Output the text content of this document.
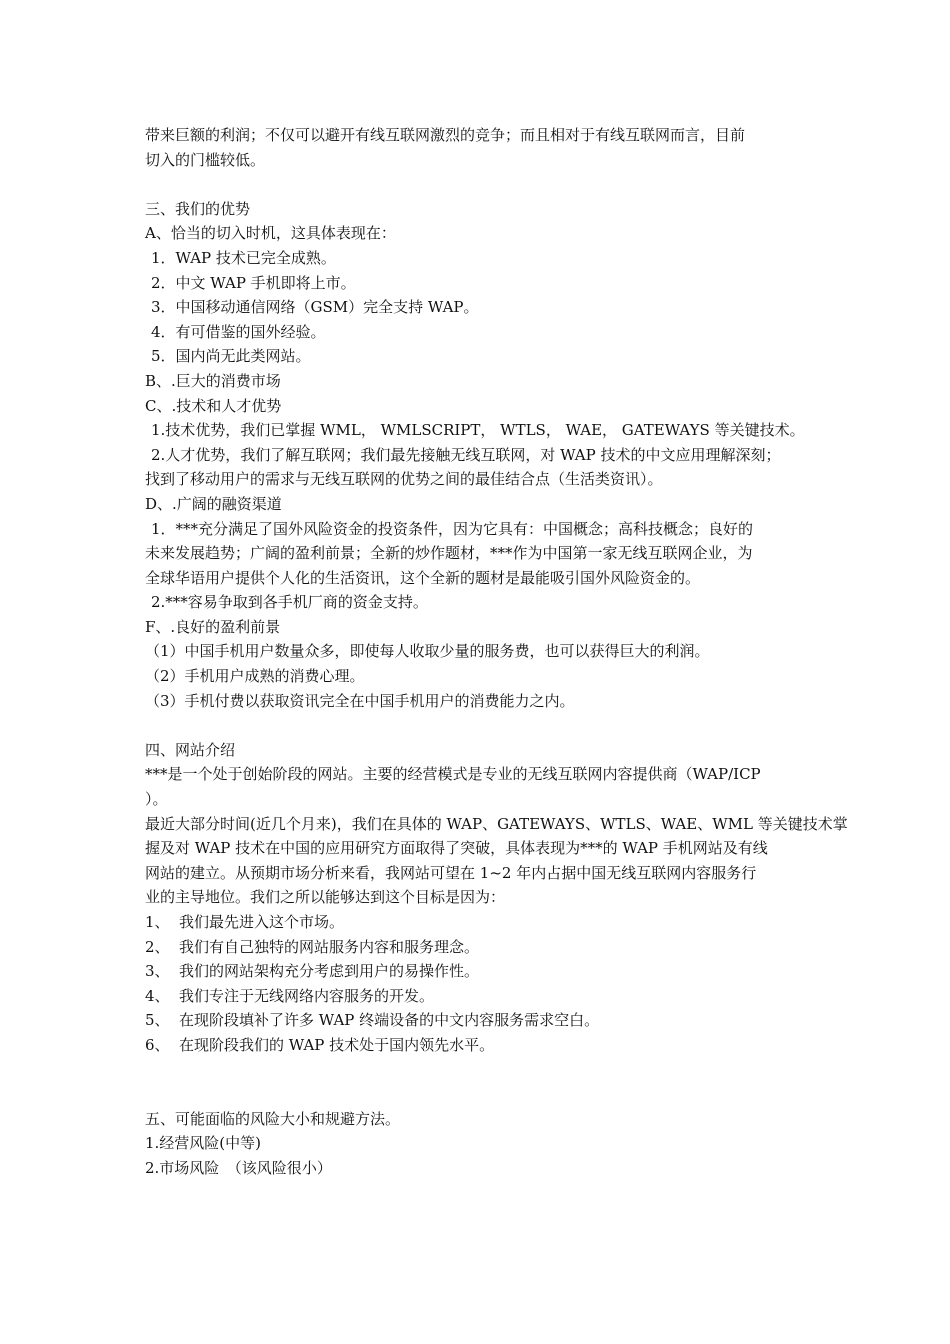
带来巨额的利润；不仅可以避开有线互联网激烈的竞争；而且相对于有线互联网而言，目前
切入的门槛较低。
三、我们的优势
A、恰当的切入时机，这具体表现在：
1．WAP 技术已完全成熟。
2．中文 WAP 手机即将上市。
3．中国移动通信网络（GSM）完全支持 WAP。
4．有可借鉴的国外经验。
5．国内尚无此类网站。
B、.巨大的消费市场
C、.技术和人才优势
1.技术优势，我们已掌握 WML， WMLSCRIPT， WTLS， WAE， GATEWAYS 等关键技术。
2.人才优势，我们了解互联网；我们最先接触无线互联网，对 WAP 技术的中文应用理解深刻；
找到了移动用户的需求与无线互联网的优势之间的最佳结合点（生活类资讯）。
D、.广阔的融资渠道
1．***充分满足了国外风险资金的投资条件，因为它具有：中国概念；高科技概念；良好的
未来发展趋势；广阔的盈利前景；全新的炒作题材，***作为中国第一家无线互联网企业，为
全球华语用户提供个人化的生活资讯，这个全新的题材是最能吸引国外风险资金的。
2.***容易争取到各手机厂商的资金支持。
F、.良好的盈利前景
（1）中国手机用户数量众多，即使每人收取少量的服务费，也可以获得巨大的利润。
（2）手机用户成熟的消费心理。
（3）手机付费以获取资讯完全在中国手机用户的消费能力之内。
四、网站介绍
***是一个处于创始阶段的网站。主要的经营模式是专业的无线互联网内容提供商（WAP/ICP
）。
最近大部分时间(近几个月来)，我们在具体的 WAP、GATEWAYS、WTLS、WAE、WML 等关键技术掌
握及对 WAP 技术在中国的应用研究方面取得了突破，具体表现为***的 WAP 手机网站及有线
网站的建立。从预期市场分析来看，我网站可望在 1~2 年内占据中国无线互联网内容服务行
业的主导地位。我们之所以能够达到这个目标是因为：
1、 我们最先进入这个市场。
2、 我们有自己独特的网站服务内容和服务理念。
3、 我们的网站架构充分考虑到用户的易操作性。
4、 我们专注于无线网络内容服务的开发。
5、 在现阶段填补了许多 WAP 终端设备的中文内容服务需求空白。
6、 在现阶段我们的 WAP 技术处于国内领先水平。
五、可能面临的风险大小和规避方法。
1.经营风险(中等)
2.市场风险　（该风险很小）
